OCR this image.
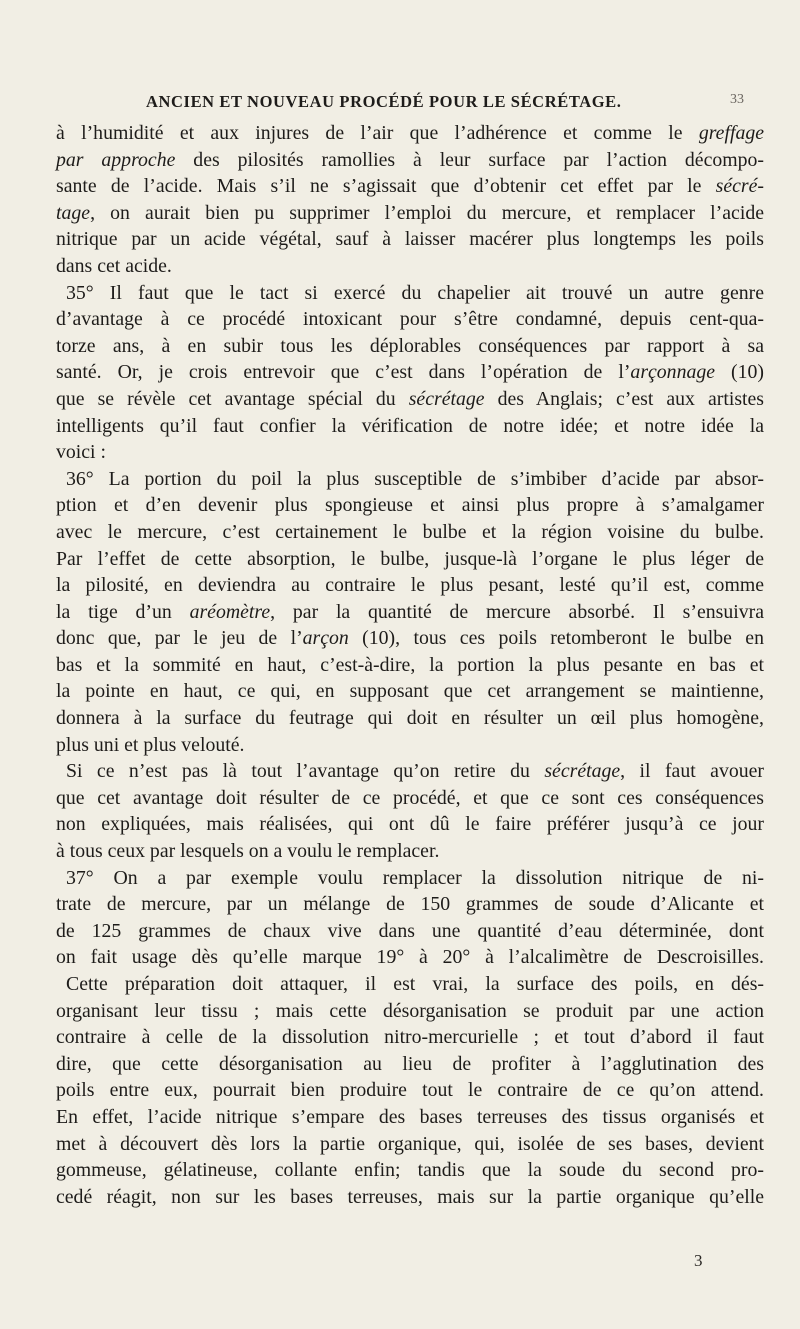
ANCIEN ET NOUVEAU PROCÉDÉ POUR LE SÉCRÉTAGE.	33
à l’humidité et aux injures de l’air que l’adhérence et comme le greffage
par approche des pilosités ramollies à leur surface par l’action décompo-
sante de l’acide. Mais s’il ne s’agissait que d’obtenir cet effet par le sécré-
tage, on aurait bien pu supprimer l’emploi du mercure, et remplacer l’acide
nitrique par un acide végétal, sauf à laisser macérer plus longtemps les poils
dans cet acide.
35° Il faut que le tact si exercé du chapelier ait trouvé un autre genre
d’avantage à ce procédé intoxicant pour s’être condamné, depuis cent-qua-
torze ans, à en subir tous les déplorables conséquences par rapport à sa
santé. Or, je crois entrevoir que c’est dans l’opération de l’arçonnage (10)
que se révèle cet avantage spécial du sécrétage des Anglais; c’est aux artistes
intelligents qu’il faut confier la vérification de notre idée; et notre idée la
voici :
36° La portion du poil la plus susceptible de s’imbiber d’acide par absor-
ption et d’en devenir plus spongieuse et ainsi plus propre à s’amalgamer
avec le mercure, c’est certainement le bulbe et la région voisine du bulbe.
Par l’effet de cette absorption, le bulbe, jusque-là l’organe le plus léger de
la pilosité, en deviendra au contraire le plus pesant, lesté qu’il est, comme
la tige d’un aréomètre, par la quantité de mercure absorbé. Il s’ensuivra
donc que, par le jeu de l’arçon (10), tous ces poils retomberont le bulbe en
bas et la sommité en haut, c’est-à-dire, la portion la plus pesante en bas et
la pointe en haut, ce qui, en supposant que cet arrangement se maintienne,
donnera à la surface du feutrage qui doit en résulter un œil plus homogène,
plus uni et plus velouté.
Si ce n’est pas là tout l’avantage qu’on retire du sécrétage, il faut avouer
que cet avantage doit résulter de ce procédé, et que ce sont ces conséquences
non expliquées, mais réalisées, qui ont dû le faire préférer jusqu’à ce jour
à tous ceux par lesquels on a voulu le remplacer.
37° On a par exemple voulu remplacer la dissolution nitrique de ni-
trate de mercure, par un mélange de 150 grammes de soude d’Alicante et
de 125 grammes de chaux vive dans une quantité d’eau déterminée, dont
on fait usage dès qu’elle marque 19° à 20° à l’alcalimètre de Descroisilles.
Cette préparation doit attaquer, il est vrai, la surface des poils, en dés-
organisant leur tissu ; mais cette désorganisation se produit par une action
contraire à celle de la dissolution nitro-mercurielle ; et tout d’abord il faut
dire, que cette désorganisation au lieu de profiter à l’agglutination des
poils entre eux, pourrait bien produire tout le contraire de ce qu’on attend.
En effet, l’acide nitrique s’empare des bases terreuses des tissus organisés et
met à découvert dès lors la partie organique, qui, isolée de ses bases, devient
gommeuse, gélatineuse, collante enfin; tandis que la soude du second pro-
cedé réagit, non sur les bases terreuses, mais sur la partie organique qu’elle
3
